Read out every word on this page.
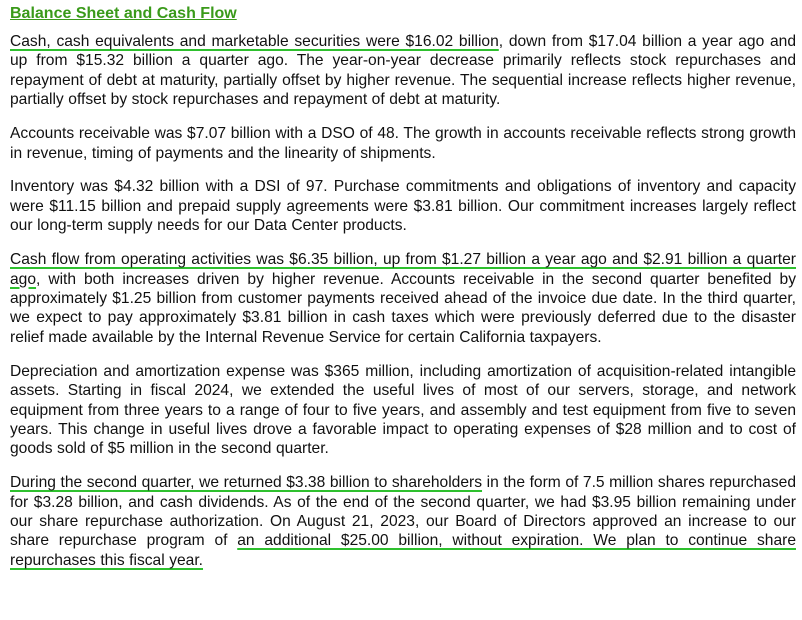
Balance Sheet and Cash Flow

Cash, cash equivalents and marketable securities were $16.02 billion, down from $17.04 billion a year ago and up from $15.32 billion a quarter ago. The year-on-year decrease primarily reflects stock repurchases and repayment of debt at maturity, partially offset by higher revenue. The sequential increase reflects higher revenue, partially offset by stock repurchases and repayment of debt at maturity.

Accounts receivable was $7.07 billion with a DSO of 48. The growth in accounts receivable reflects strong growth in revenue, timing of payments and the linearity of shipments.

Inventory was $4.32 billion with a DSI of 97. Purchase commitments and obligations of inventory and capacity were $11.15 billion and prepaid supply agreements were $3.81 billion. Our commitment increases largely reflect our long-term supply needs for our Data Center products.

Cash flow from operating activities was $6.35 billion, up from $1.27 billion a year ago and $2.91 billion a quarter ago, with both increases driven by higher revenue. Accounts receivable in the second quarter benefited by approximately $1.25 billion from customer payments received ahead of the invoice due date. In the third quarter, we expect to pay approximately $3.81 billion in cash taxes which were previously deferred due to the disaster relief made available by the Internal Revenue Service for certain California taxpayers.

Depreciation and amortization expense was $365 million, including amortization of acquisition-related intangible assets. Starting in fiscal 2024, we extended the useful lives of most of our servers, storage, and network equipment from three years to a range of four to five years, and assembly and test equipment from five to seven years. This change in useful lives drove a favorable impact to operating expenses of $28 million and to cost of goods sold of $5 million in the second quarter.

During the second quarter, we returned $3.38 billion to shareholders in the form of 7.5 million shares repurchased for $3.28 billion, and cash dividends. As of the end of the second quarter, we had $3.95 billion remaining under our share repurchase authorization. On August 21, 2023, our Board of Directors approved an increase to our share repurchase program of an additional $25.00 billion, without expiration. We plan to continue share repurchases this fiscal year.
